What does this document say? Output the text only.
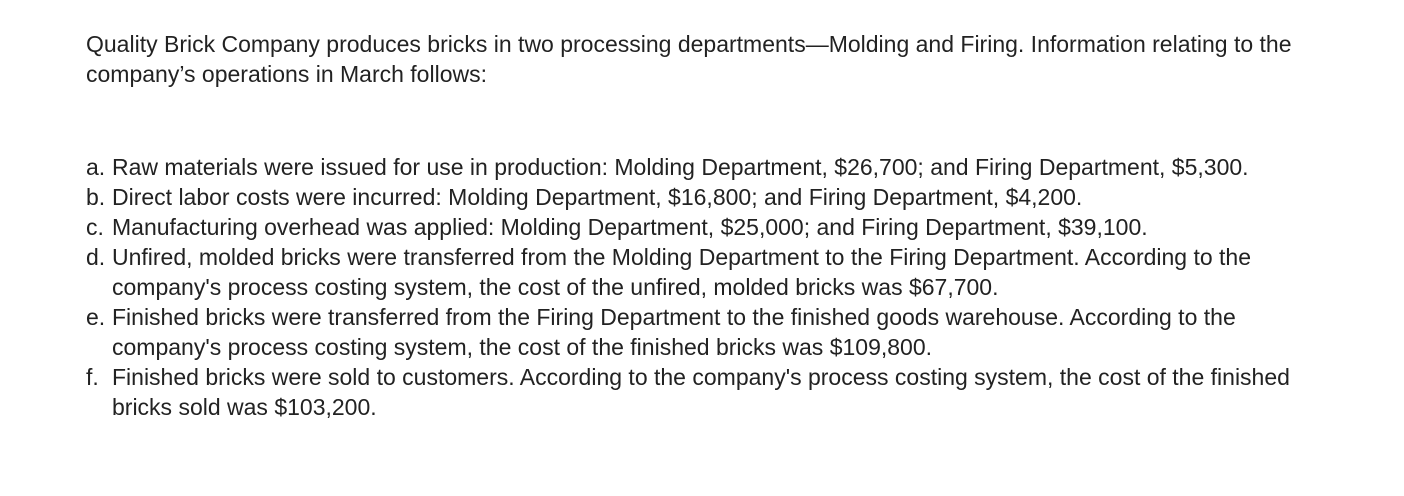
Quality Brick Company produces bricks in two processing departments—Molding and Firing. Information relating to the company’s operations in March follows:

a. Raw materials were issued for use in production: Molding Department, $26,700; and Firing Department, $5,300.
b. Direct labor costs were incurred: Molding Department, $16,800; and Firing Department, $4,200.
c. Manufacturing overhead was applied: Molding Department, $25,000; and Firing Department, $39,100.
d. Unfired, molded bricks were transferred from the Molding Department to the Firing Department. According to the company's process costing system, the cost of the unfired, molded bricks was $67,700.
e. Finished bricks were transferred from the Firing Department to the finished goods warehouse. According to the company's process costing system, the cost of the finished bricks was $109,800.
f. Finished bricks were sold to customers. According to the company's process costing system, the cost of the finished bricks sold was $103,200.
